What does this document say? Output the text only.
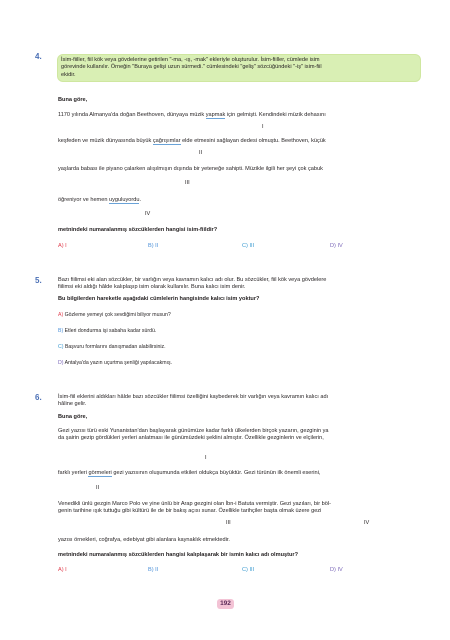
4.	İsim-fiiller, fiil kök veya gövdelerine getirilen "-ma, -ış, -mak" ekleriyle oluşturulur. İsim-fiiller, cümlede isim
görevinde kullanılır. Örneğin "Buraya gelişi uzun sürmedi." cümlesindeki "geliş" sözcüğündeki "-iş" isim-fiil
ekidir.
Buna göre,
1170 yılında Almanya'da doğan Beethoven, dünyaya müzik yapmak için gelmişti. Kendindeki müzik dehasını
I
keşfeden ve müzik dünyasında büyük çağrışımlar elde etmesini sağlayan dedesi olmuştu. Beethoven, küçük
II
yaşlarda babası ile piyano çalarken alışılmışın dışında bir yeteneğe sahipti. Müzikle ilgili her şeyi çok çabuk
III
öğreniyor ve hemen uyguluyordu.
IV
metnindeki numaralanmış sözcüklerden hangisi isim-fiildir?
A) I	B) II	C) III	D) IV
5.	Bazı fiilimsi eki alan sözcükler, bir varlığın veya kavramın kalıcı adı olur. Bu sözcükler, fiil kök veya gövdelere
fiilimsi eki aldığı hâlde kalıplaşıp isim olarak kullanılır. Buna kalıcı isim denir.
Bu bilgilerden hareketle aşağıdaki cümlelerin hangisinde kalıcı isim yoktur?
A) Gözleme yemeyi çok sevdiğimi biliyor musun?
B) Etleri dondurma işi sabaha kadar sürdü.
C) Başvuru formlarını danışmadan alabilirsiniz.
D) Antalya'da yazın uçurtma şenliği yapılacakmış.
6.	İsim-fiil eklerini aldıkları hâlde bazı sözcükler fiilimsi özelliğini kaybederek bir varlığın veya kavramın kalıcı adı
hâline gelir.
Buna göre,
Gezi yazısı türü eski Yunanistan'dan başlayarak günümüze kadar farklı ülkelerden birçok yazarın, gezginin ya
da şairin gezip gördükleri yerleri anlatması ile günümüzdeki şeklini almıştır. Özellikle gezginlerin ve elçilerin,
I
farklı yerleri görmeleri gezi yazısının oluşumunda etkileri oldukça büyüktür. Gezi türünün ilk önemli eserini,
II
Venedikli ünlü gezgin Marco Polo ve yine ünlü bir Arap gezgini olan İbn-i Batuta vermiştir. Gezi yazıları, bir böl-
genin tarihine ışık tuttuğu gibi kültürü ile de bir bakış açısı sunar. Özellikle tarihçiler başta olmak üzere gezi
III	IV
yazısı örnekleri, coğrafya, edebiyat gibi alanlara kaynaklık etmektedir.
metnindeki numaralanmış sözcüklerden hangisi kalıplaşarak bir ismin kalıcı adı olmuştur?
A) I	B) II	C) III	D) IV
192
